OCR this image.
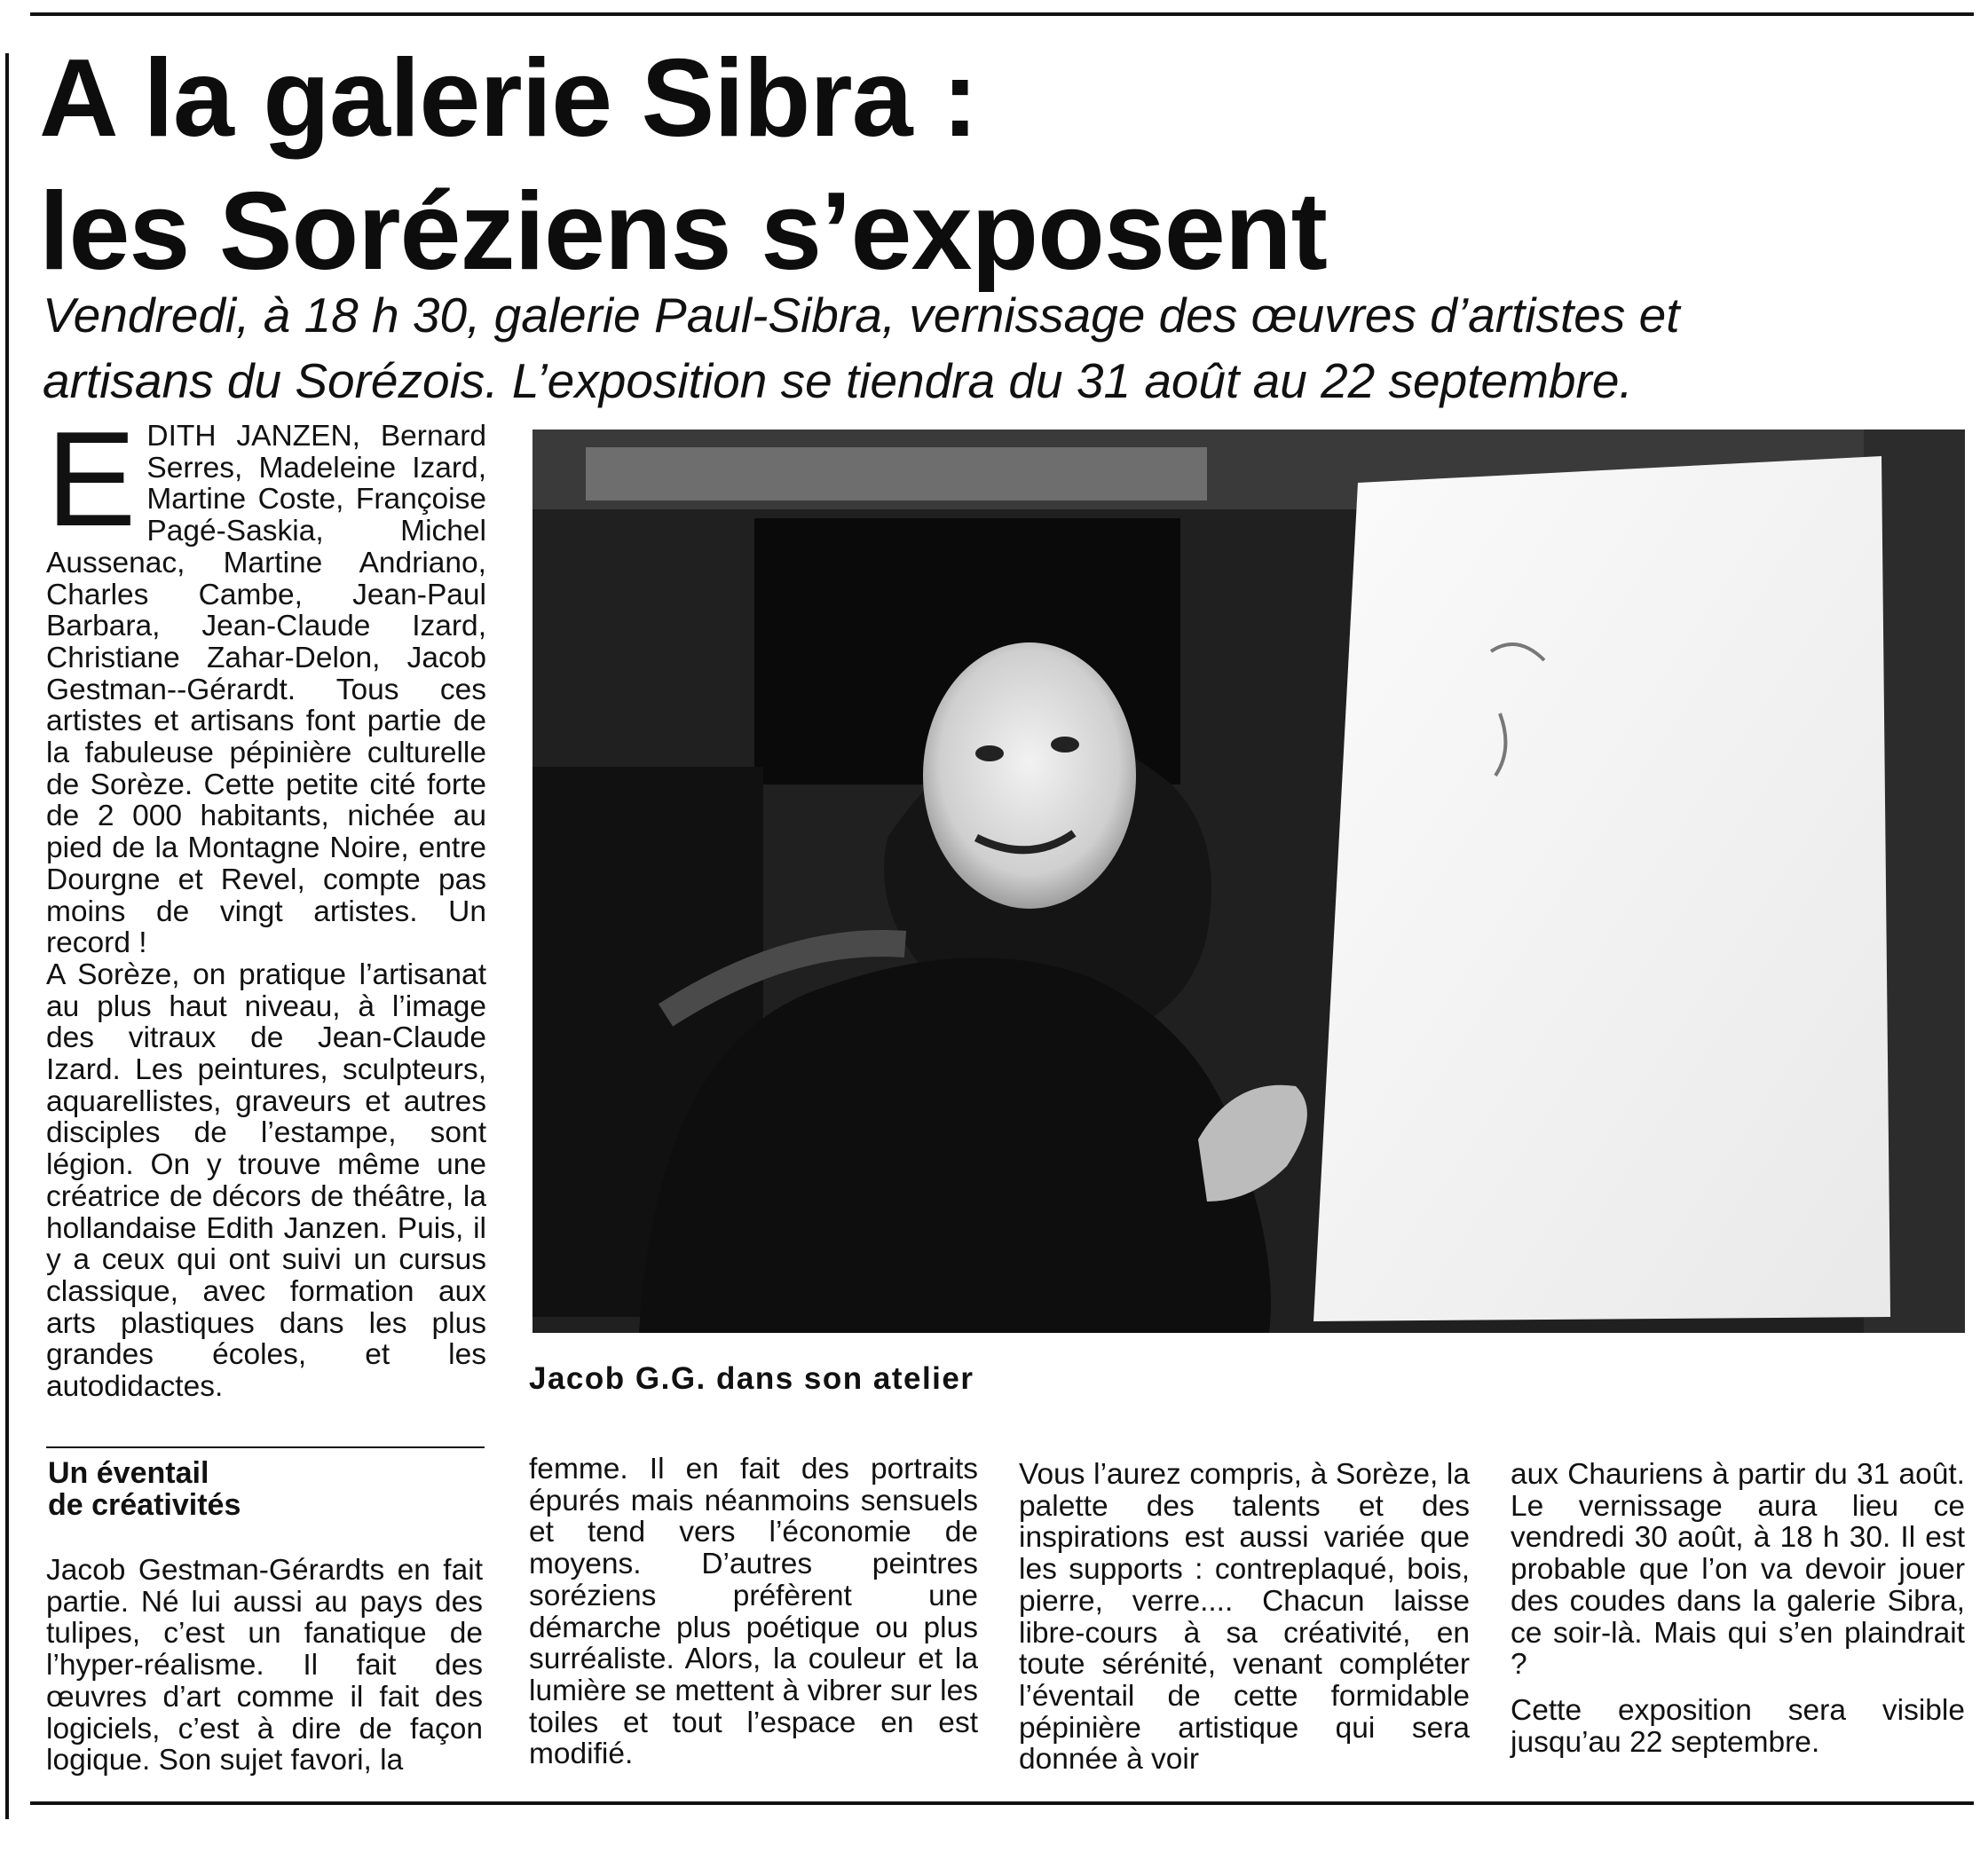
A la galerie Sibra :
les Soréziens s’exposent

Vendredi, à 18 h 30, galerie Paul-Sibra, vernissage des œuvres d’artistes et
artisans du Sorézois. L’exposition se tiendra du 31 août au 22 septembre.

E DITH JANZEN, Bernard Serres, Madeleine Izard, Martine Coste, Françoise Pagé-Saskia, Michel Aussenac, Martine Andriano, Charles Cambe, Jean-Paul Barbara, Jean-Claude Izard, Christiane Zahar-Delon, Jacob Gestman--Gérardt. Tous ces artistes et artisans font partie de la fabuleuse pépinière culturelle de Sorèze. Cette petite cité forte de 2 000 habitants, nichée au pied de la Montagne Noire, entre Dourgne et Revel, compte pas moins de vingt artistes. Un record !

A Sorèze, on pratique l’artisanat au plus haut niveau, à l’image des vitraux de Jean-Claude Izard. Les peintures, sculpteurs, aquarellistes, graveurs et autres disciples de l’estampe, sont légion. On y trouve même une créatrice de décors de théâtre, la hollandaise Edith Janzen. Puis, il y a ceux qui ont suivi un cursus classique, avec formation aux arts plastiques dans les plus grandes écoles, et les autodidactes.	Jacob G.G. dans son atelier

Un éventail
de créativités

Jacob Gestman-Gérardts en fait partie. Né lui aussi au pays des tulipes, c’est un fanatique de l’hyper-réalisme. Il fait des œuvres d’art comme il fait des logiciels, c’est à dire de façon logique. Son sujet favori, la

femme. Il en fait des portraits épurés mais néanmoins sensuels et tend vers l’économie de moyens. D’autres peintres soréziens préfèrent une démarche plus poétique ou plus surréaliste. Alors, la couleur et la lumière se mettent à vibrer sur les toiles et tout l’espace en est modifié.

Vous l’aurez compris, à Sorèze, la palette des talents et des inspirations est aussi variée que les supports : contreplaqué, bois, pierre, verre.... Chacun laisse libre-cours à sa créativité, en toute sérénité, venant compléter l’éventail de cette formidable pépinière artistique qui sera donnée à voir

aux Chauriens à partir du 31 août. Le vernissage aura lieu ce vendredi 30 août, à 18 h 30. Il est probable que l’on va devoir jouer des coudes dans la galerie Sibra, ce soir-là. Mais qui s’en plaindrait ?

Cette exposition sera visible jusqu’au 22 septembre.
